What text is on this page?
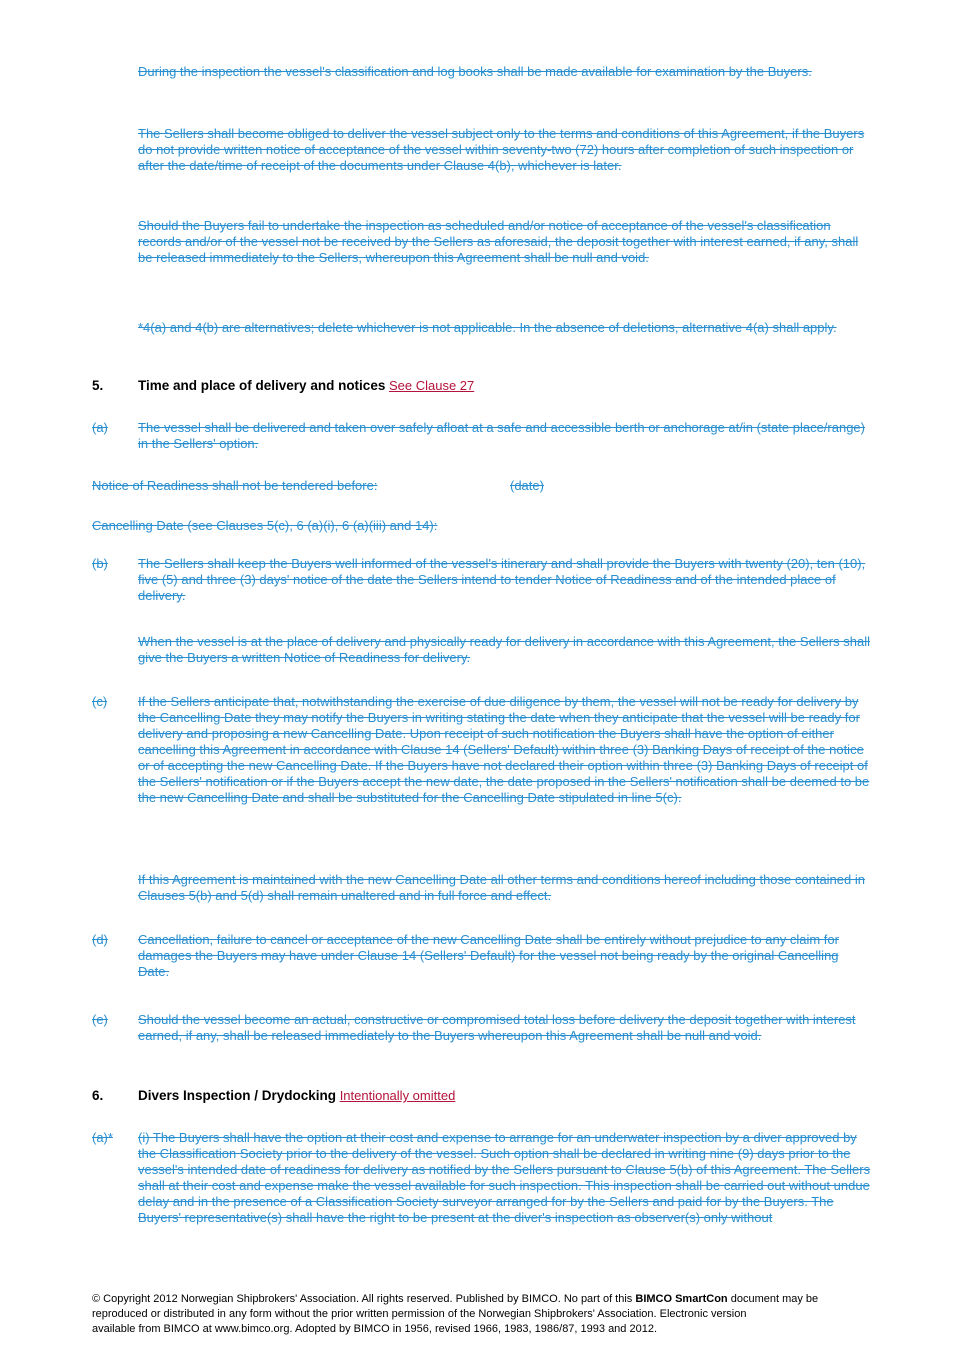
During the inspection the vessel's classification and log books shall be made available for examination by the Buyers.
The Sellers shall become obliged to deliver the vessel subject only to the terms and conditions of this Agreement, if the Buyers do not provide written notice of acceptance of the vessel within seventy-two (72) hours after completion of such inspection or after the date/time of receipt of the documents under Clause 4(b), whichever is later.
Should the Buyers fail to undertake the inspection as scheduled and/or notice of acceptance of the vessel's classification records and/or of the vessel not be received by the Sellers as aforesaid, the deposit together with interest earned, if any, shall be released immediately to the Sellers, whereupon this Agreement shall be null and void.
*4(a) and 4(b) are alternatives; delete whichever is not applicable. In the absence of deletions, alternative 4(a) shall apply.
5.	Time and place of delivery and notices See Clause 27
(a)	The vessel shall be delivered and taken over safely afloat at a safe and accessible berth or anchorage at/in (state place/range) in the Sellers' option.
Notice of Readiness shall not be tendered before:	(date)
Cancelling Date (see Clauses 5(c), 6 (a)(i), 6 (a)(iii) and 14):
(b)	The Sellers shall keep the Buyers well informed of the vessel's itinerary and shall provide the Buyers with twenty (20), ten (10), five (5) and three (3) days' notice of the date the Sellers intend to tender Notice of Readiness and of the intended place of delivery.
When the vessel is at the place of delivery and physically ready for delivery in accordance with this Agreement, the Sellers shall give the Buyers a written Notice of Readiness for delivery.
(c)	If the Sellers anticipate that, notwithstanding the exercise of due diligence by them, the vessel will not be ready for delivery by the Cancelling Date they may notify the Buyers in writing stating the date when they anticipate that the vessel will be ready for delivery and proposing a new Cancelling Date. Upon receipt of such notification the Buyers shall have the option of either cancelling this Agreement in accordance with Clause 14 (Sellers' Default) within three (3) Banking Days of receipt of the notice or of accepting the new Cancelling Date. If the Buyers have not declared their option within three (3) Banking Days of receipt of the Sellers' notification or if the Buyers accept the new date, the date proposed in the Sellers' notification shall be deemed to be the new Cancelling Date and shall be substituted for the Cancelling Date stipulated in line 5(c).
If this Agreement is maintained with the new Cancelling Date all other terms and conditions hereof including those contained in Clauses 5(b) and 5(d) shall remain unaltered and in full force and effect.
(d)	Cancellation, failure to cancel or acceptance of the new Cancelling Date shall be entirely without prejudice to any claim for damages the Buyers may have under Clause 14 (Sellers' Default) for the vessel not being ready by the original Cancelling Date.
(e)	Should the vessel become an actual, constructive or compromised total loss before delivery the deposit together with interest earned, if any, shall be released immediately to the Buyers whereupon this Agreement shall be null and void.
6.	Divers Inspection / Drydocking Intentionally omitted
(a)*	(i) The Buyers shall have the option at their cost and expense to arrange for an underwater inspection by a diver approved by the Classification Society prior to the delivery of the vessel. Such option shall be declared in writing nine (9) days prior to the vessel's intended date of readiness for delivery as notified by the Sellers pursuant to Clause 5(b) of this Agreement. The Sellers shall at their cost and expense make the vessel available for such inspection. This inspection shall be carried out without undue delay and in the presence of a Classification Society surveyor arranged for by the Sellers and paid for by the Buyers. The Buyers' representative(s) shall have the right to be present at the diver's inspection as observer(s) only without
© Copyright 2012 Norwegian Shipbrokers' Association. All rights reserved. Published by BIMCO. No part of this BIMCO SmartCon document may be
reproduced or distributed in any form without the prior written permission of the Norwegian Shipbrokers' Association. Electronic version
available from BIMCO at www.bimco.org. Adopted by BIMCO in 1956, revised 1966, 1983, 1986/87, 1993 and 2012.
